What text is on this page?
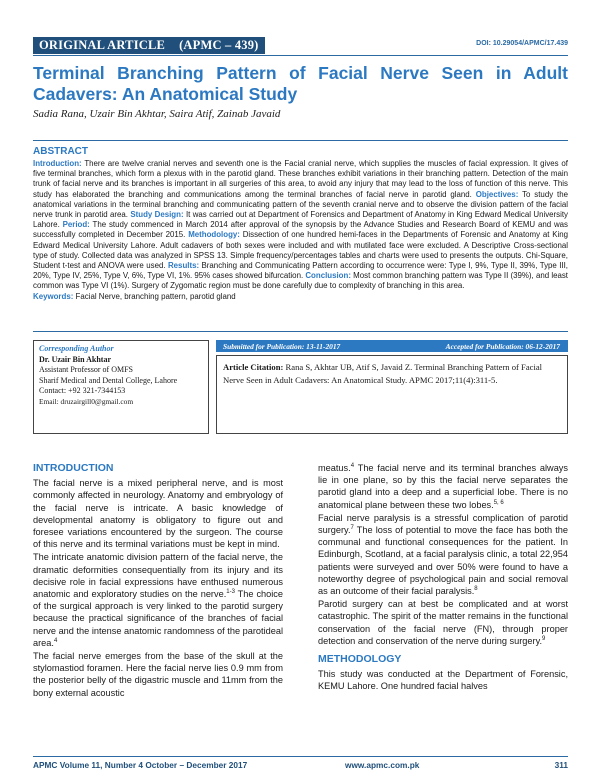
ORIGINAL ARTICLE (APMC – 439)	DOI: 10.29054/APMC/17.439
Terminal Branching Pattern of Facial Nerve Seen in Adult Cadavers: An Anatomical Study
Sadia Rana, Uzair Bin Akhtar, Saira Atif, Zainab Javaid
ABSTRACT
Introduction: There are twelve cranial nerves and seventh one is the Facial cranial nerve, which supplies the muscles of facial expression. It gives of five terminal branches, which form a plexus with in the parotid gland. These branches exhibit variations in their branching pattern. Detection of the main trunk of facial nerve and its branches is important in all surgeries of this area, to avoid any injury that may lead to the loss of function of this nerve. This study has elaborated the branching and communications among the terminal branches of facial nerve in parotid gland. Objectives: To study the anatomical variations in the terminal branching and communicating pattern of the seventh cranial nerve and to observe the division pattern of the facial nerve trunk in parotid area. Study Design: It was carried out at Department of Forensics and Department of Anatomy in King Edward Medical University Lahore. Period: The study commenced in March 2014 after approval of the synopsis by the Advance Studies and Research Board of KEMU and was successfully completed in December 2015. Methodology: Dissection of one hundred hemi-faces in the Departments of Forensic and Anatomy at King Edward Medical University Lahore. Adult cadavers of both sexes were included and with mutilated face were excluded. A Descriptive Cross-sectional type of study. Collected data was analyzed in SPSS 13. Simple frequency/percentages tables and charts were used to presents the outputs. Chi-Square, Student t-test and ANOVA were used. Results: Branching and Communicating Pattern according to occurrence were: Type I, 9%, Type II, 39%, Type III, 20%, Type IV, 25%, Type V, 6%, Type VI, 1%. 95% cases showed bifurcation. Conclusion: Most common branching pattern was Type II (39%), and least common was Type VI (1%). Surgery of Zygomatic region must be done carefully due to complexity of branching in this area.
Keywords: Facial Nerve, branching pattern, parotid gland
Corresponding Author
Dr. Uzair Bin Akhtar
Assistant Professor of OMFS
Sharif Medical and Dental College, Lahore
Contact: +92 321-7344153
Email: druzairgill0@gmail.com
Submitted for Publication: 13-11-2017	Accepted for Publication: 06-12-2017
Article Citation: Rana S, Akhtar UB, Atif S, Javaid Z. Terminal Branching Pattern of Facial Nerve Seen in Adult Cadavers: An Anatomical Study. APMC 2017;11(4):311-5.
INTRODUCTION

The facial nerve is a mixed peripheral nerve, and is most commonly affected in neurology. Anatomy and embryology of the facial nerve is intricate. A basic knowledge of developmental anatomy is obligatory to figure out and foresee variations encountered by the surgeon. The course of this nerve and its terminal variations must be kept in mind.

The intricate anatomic division pattern of the facial nerve, the dramatic deformities consequentially from its injury and its decisive role in facial expressions have enthused numerous anatomic and exploratory studies on the nerve.$^{1-3}$ The choice of the surgical approach is very linked to the parotid surgery because the practical significance of the branches of facial nerve and the intense anatomic randomness of the parotideal area.$^4$

The facial nerve emerges from the base of the skull at the stylomastiod foramen. Here the facial nerve lies 0.9 mm from the posterior belly of the digastric muscle and 11mm from the bony external acoustic

meatus.$^4$ The facial nerve and its terminal branches always lie in one plane, so by this the facial nerve separates the parotid gland into a deep and a superficial lobe. There is no anatomical plane between these two lobes.$^{5, 6}$

Facial nerve paralysis is a stressful complication of parotid surgery.$^7$ The loss of potential to move the face has both the communal and functional consequences for the patient. In Edinburgh, Scotland, at a facial paralysis clinic, a total 22,954 patients were surveyed and over 50% were found to have a noteworthy degree of psychological pain and social removal as an outcome of their facial paralysis.$^8$

Parotid surgery can at best be complicated and at worst catastrophic. The spirit of the matter remains in the functional conservation of the facial nerve (FN), through proper detection and conservation of the nerve during surgery.$^9$

METHODOLOGY

This study was conducted at the Department of Forensic, KEMU Lahore. One hundred facial halves

APMC Volume 11, Number 4 October – December 2017	www.apmc.com.pk	311
